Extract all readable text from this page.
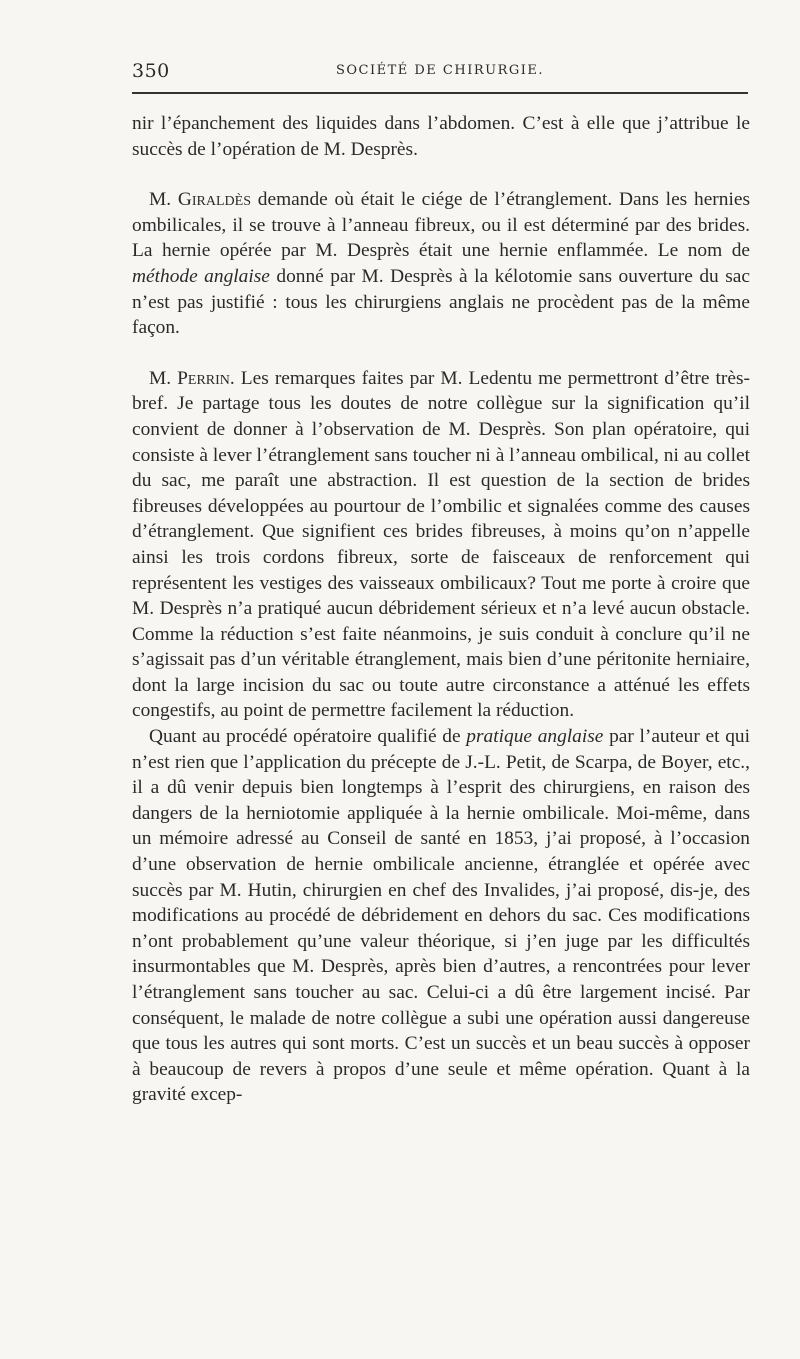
350	SOCIÉTÉ DE CHIRURGIE.

nir l’épanchement des liquides dans l’abdomen. C’est à elle que j’attribue le succès de l’opération de M. Desprès.

M. Giraldès demande où était le ciége de l’étranglement. Dans les hernies ombilicales, il se trouve à l’anneau fibreux, ou il est déterminé par des brides. La hernie opérée par M. Desprès était une hernie enflammée. Le nom de méthode anglaise donné par M. Desprès à la kélotomie sans ouverture du sac n’est pas justifié : tous les chirurgiens anglais ne procèdent pas de la même façon.

M. Perrin. Les remarques faites par M. Ledentu me permettront d’être très-bref. Je partage tous les doutes de notre collègue sur la signification qu’il convient de donner à l’observation de M. Desprès. Son plan opératoire, qui consiste à lever l’étranglement sans toucher ni à l’anneau ombilical, ni au collet du sac, me paraît une abstraction. Il est question de la section de brides fibreuses développées au pourtour de l’ombilic et signalées comme des causes d’étranglement. Que signifient ces brides fibreuses, à moins qu’on n’appelle ainsi les trois cordons fibreux, sorte de faisceaux de renforcement qui représentent les vestiges des vaisseaux ombilicaux? Tout me porte à croire que M. Desprès n’a pratiqué aucun débridement sérieux et n’a levé aucun obstacle. Comme la réduction s’est faite néanmoins, je suis conduit à conclure qu’il ne s’agissait pas d’un véritable étranglement, mais bien d’une péritonite herniaire, dont la large incision du sac ou toute autre circonstance a atténué les effets congestifs, au point de permettre facilement la réduction.

Quant au procédé opératoire qualifié de pratique anglaise par l’auteur et qui n’est rien que l’application du précepte de J.-L. Petit, de Scarpa, de Boyer, etc., il a dû venir depuis bien longtemps à l’esprit des chirurgiens, en raison des dangers de la herniotomie appliquée à la hernie ombilicale. Moi-même, dans un mémoire adressé au Conseil de santé en 1853, j’ai proposé, à l’occasion d’une observation de hernie ombilicale ancienne, étranglée et opérée avec succès par M. Hutin, chirurgien en chef des Invalides, j’ai proposé, dis-je, des modifications au procédé de débridement en dehors du sac. Ces modifications n’ont probablement qu’une valeur théorique, si j’en juge par les difficultés insurmontables que M. Desprès, après bien d’autres, a rencontrées pour lever l’étranglement sans toucher au sac. Celui-ci a dû être largement incisé. Par conséquent, le malade de notre collègue a subi une opération aussi dangereuse que tous les autres qui sont morts. C’est un succès et un beau succès à opposer à beaucoup de revers à propos d’une seule et même opération. Quant à la gravité excep-
